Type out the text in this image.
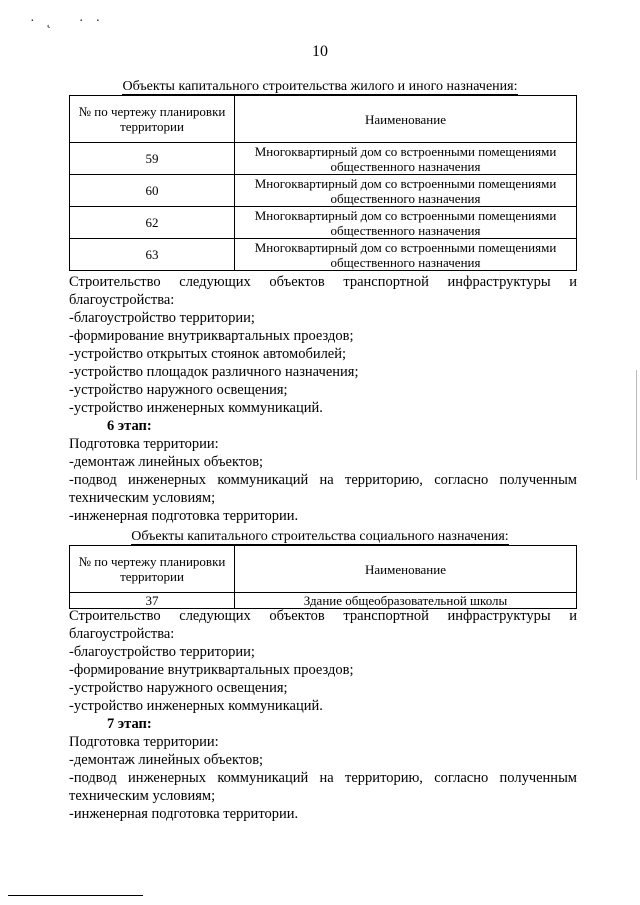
·˛ ··
10
Объекты капитального строительства жилого и иного назначения:
№ по чертежу планировки территории	Наименование
59	Многоквартирный дом со встроенными помещениями общественного назначения
60	Многоквартирный дом со встроенными помещениями общественного назначения
62	Многоквартирный дом со встроенными помещениями общественного назначения
63	Многоквартирный дом со встроенными помещениями общественного назначения

Строительство следующих объектов транспортной инфраструктуры и

благоустройства:

-благоустройство территории;

-формирование внутриквартальных проездов;

-устройство открытых стоянок автомобилей;

-устройство площадок различного назначения;

-устройство наружного освещения;

-устройство инженерных коммуникаций.

6 этап:

Подготовка территории:

-демонтаж линейных объектов;

-подвод инженерных коммуникаций на территорию, согласно полученным

техническим условиям;

-инженерная подготовка территории.

Объекты капитального строительства социального назначения:
№ по чертежу планировки территории	Наименование
37	Здание общеобразовательной школы

Строительство следующих объектов транспортной инфраструктуры и

благоустройства:

-благоустройство территории;

-формирование внутриквартальных проездов;

-устройство наружного освещения;

-устройство инженерных коммуникаций.

7 этап:

Подготовка территории:

-демонтаж линейных объектов;

-подвод инженерных коммуникаций на территорию, согласно полученным

техническим условиям;

-инженерная подготовка территории.
